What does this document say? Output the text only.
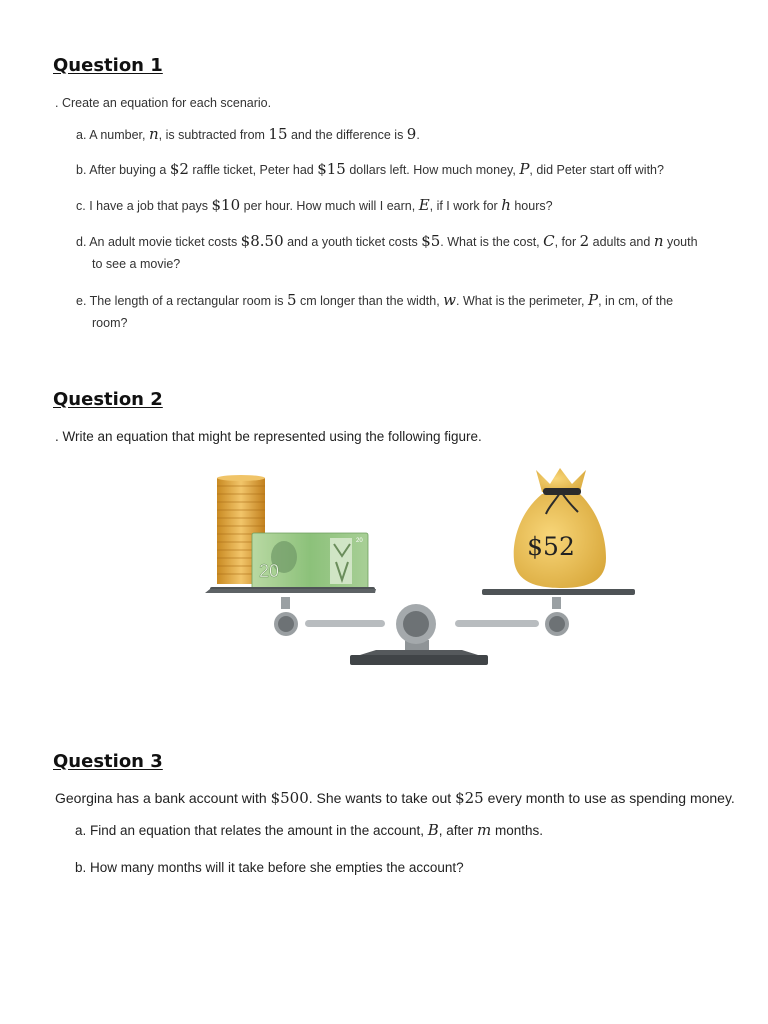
Question 1

. Create an equation for each scenario.

a. A number, n, is subtracted from 15 and the difference is 9.

b. After buying a $2 raffle ticket, Peter had $15 dollars left. How much money, P, did Peter start off with?

c. I have a job that pays $10 per hour. How much will I earn, E, if I work for h hours?

d. An adult movie ticket costs $8.50 and a youth ticket costs $5. What is the cost, C, for 2 adults and n youth

to see a movie?

e. The length of a rectangular room is 5 cm longer than the width, w. What is the perimeter, P, in cm, of the

room?

Question 2

. Write an equation that might be represented using the following figure.

20
20	$52

Question 3

Georgina has a bank account with $500. She wants to take out $25 every month to use as spending money.

a. Find an equation that relates the amount in the account, B, after m months.

b. How many months will it take before she empties the account?
